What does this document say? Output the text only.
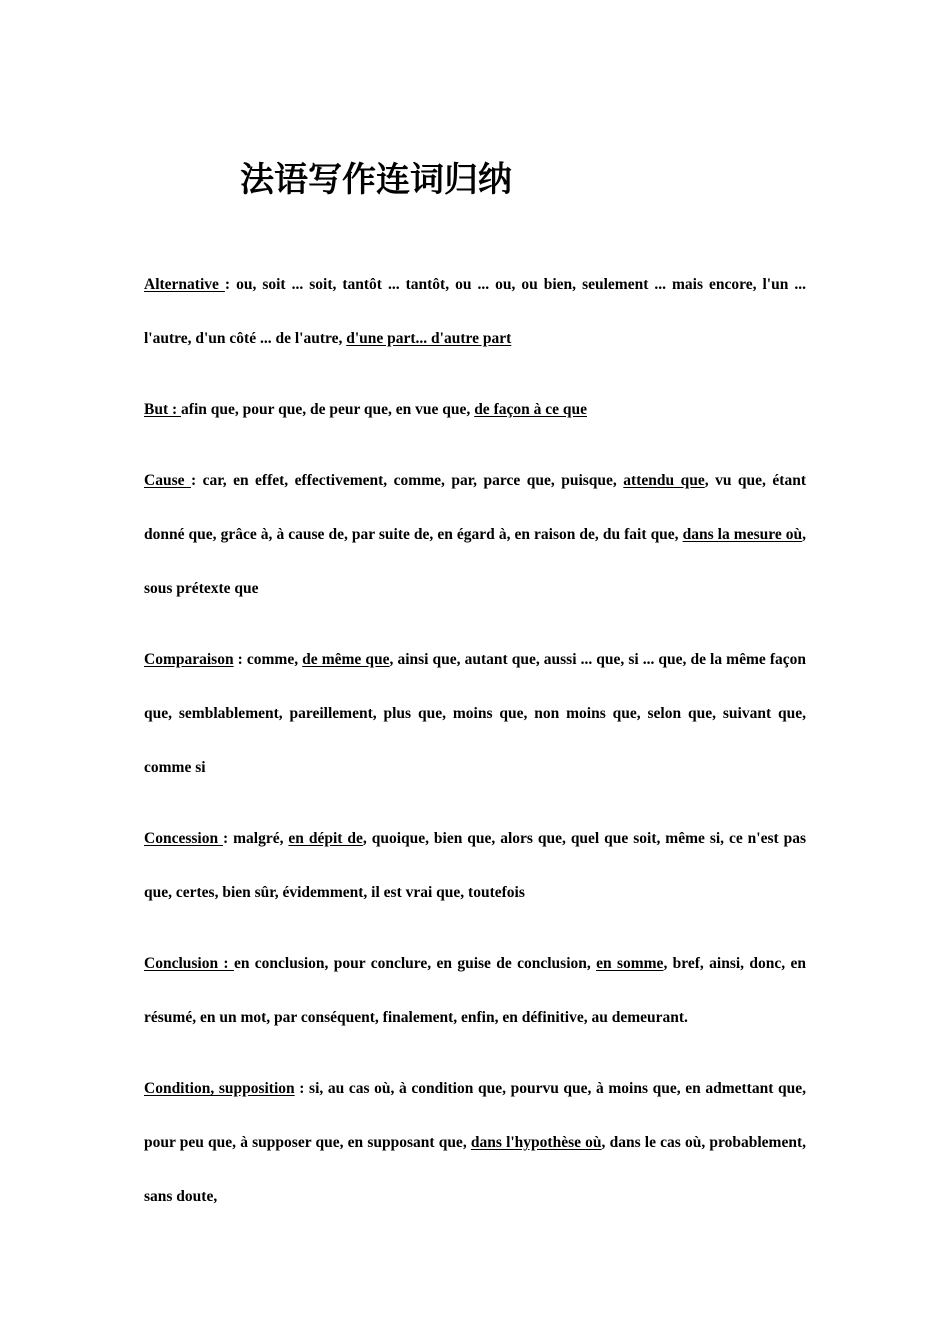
法语写作连词归纳

Alternative : ou, soit ... soit, tantôt ... tantôt, ou ... ou, ou bien, seulement ... mais encore, l'un ... l'autre, d'un côté ... de l'autre, d'une part... d'autre part

But : afin que, pour que, de peur que, en vue que, de façon à ce que

Cause : car, en effet, effectivement, comme, par, parce que, puisque, attendu que, vu que, étant donné que, grâce à, à cause de, par suite de, en égard à, en raison de, du fait que, dans la mesure où, sous prétexte que

Comparaison : comme, de même que, ainsi que, autant que, aussi ... que, si ... que, de la même façon que, semblablement, pareillement, plus que, moins que, non moins que, selon que, suivant que, comme si

Concession : malgré, en dépit de, quoique, bien que, alors que, quel que soit, même si, ce n'est pas que, certes, bien sûr, évidemment, il est vrai que, toutefois

Conclusion : en conclusion, pour conclure, en guise de conclusion, en somme, bref, ainsi, donc, en résumé, en un mot, par conséquent, finalement, enfin, en définitive, au demeurant.

Condition, supposition : si, au cas où, à condition que, pourvu que, à moins que, en admettant que, pour peu que, à supposer que, en supposant que, dans l'hypothèse où, dans le cas où, probablement, sans doute,
